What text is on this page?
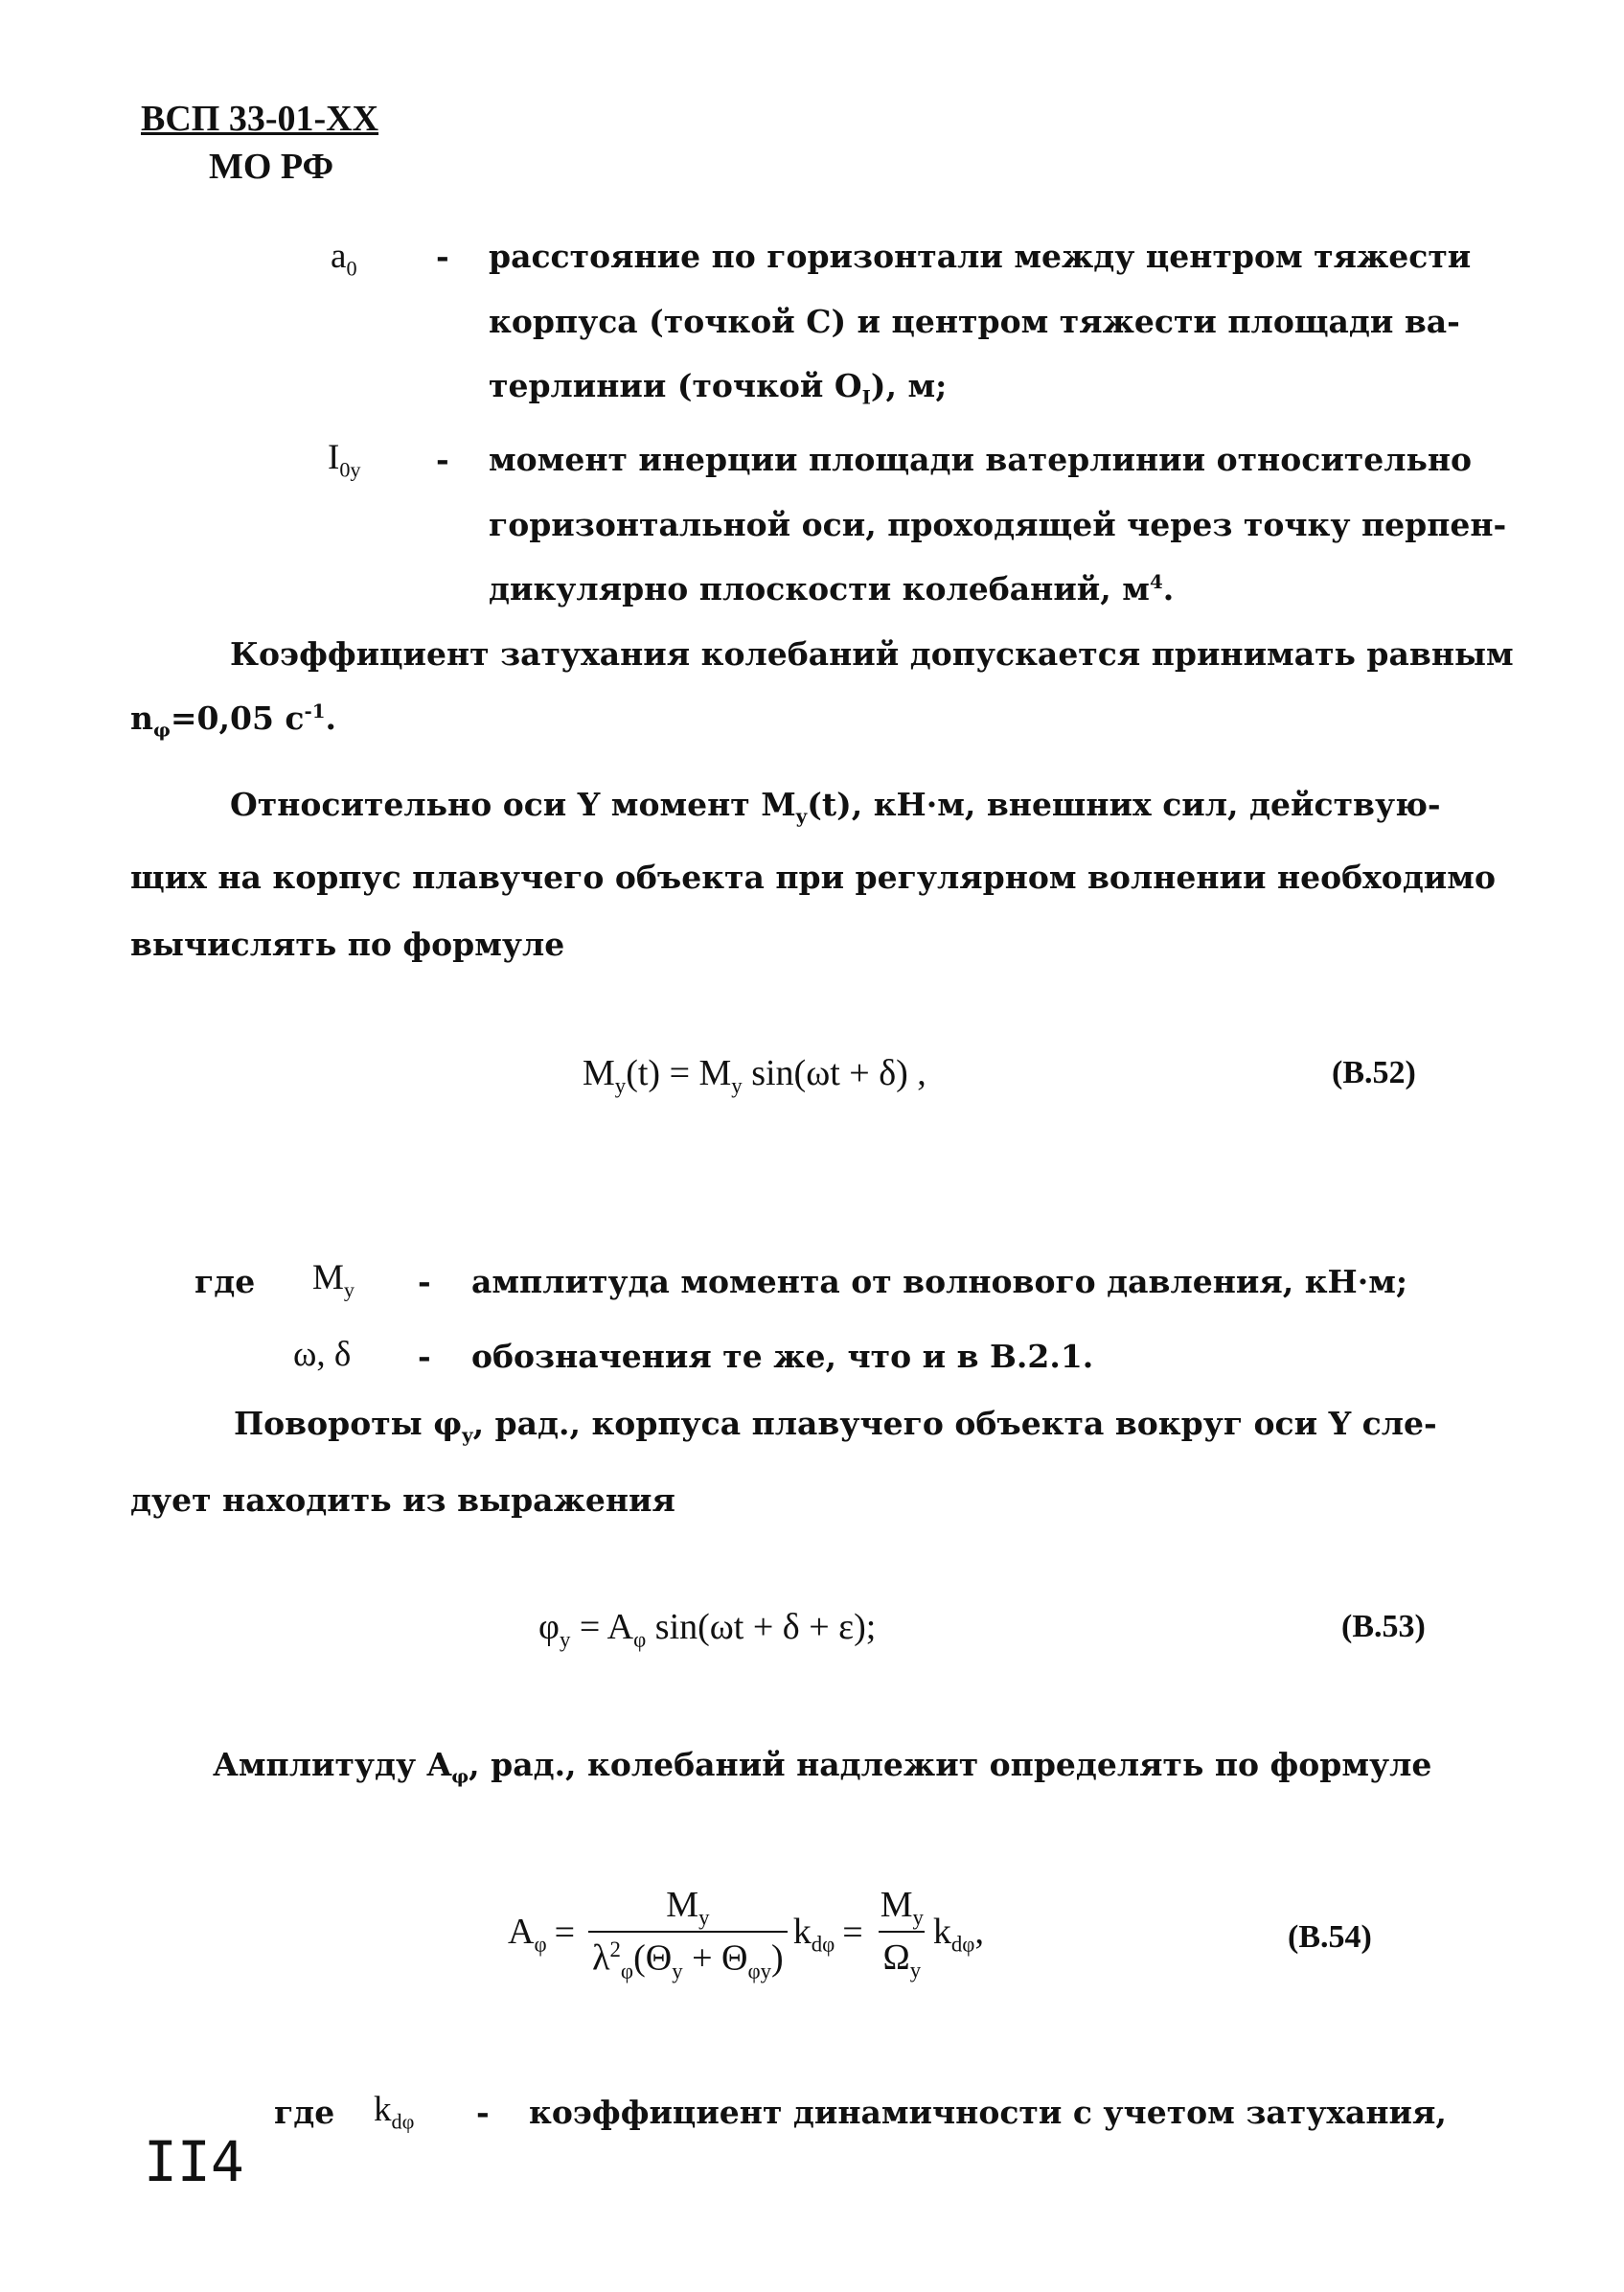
ВСП 33-01-ХХ
МО РФ
$a_0$ - расстояние по горизонтали между центром тяжести
корпуса (точкой С) и центром тяжести площади ва-
терлинии (точкой $O_I$), м;
$I_{0y}$ - момент инерции площади ватерлинии относительно
горизонтальной оси, проходящей через точку перпен-
дикулярно плоскости колебаний, $м^4$.
Коэффициент затухания колебаний допускается принимать равным
$n_\varphi=0,05$ $с^{-1}$.
Относительно оси Y момент $M_y(t)$, кН·м, внешних сил, действую-
щих на корпус плавучего объекта при регулярном волнении необходимо
вычислять по формуле
$M_y(t) = M_y$ sin(ωt + δ) ,	(B.52)
где $M_y$ - амплитуда момента от волнового давления, кН·м;
ω, δ - обозначения те же, что и в B.2.1.
Повороты $\varphi_y$, рад., корпуса плавучего объекта вокруг оси Y сле-
дует находить из выражения
$\varphi_y = A_\varphi$ sin(ωt + δ + ε);	(B.53)
Амплитуду $A_\varphi$, рад., колебаний надлежит определять по формуле
$A_\varphi = \frac{M_y}{\lambda^2_\varphi(\Theta_y + \Theta_{\varphi y})} k_{d\varphi} = \frac{M_y}{\Omega_y} k_{d\varphi}$,	(B.54)
где $k_{d\varphi}$ - коэффициент динамичности с учетом затухания,
II4
